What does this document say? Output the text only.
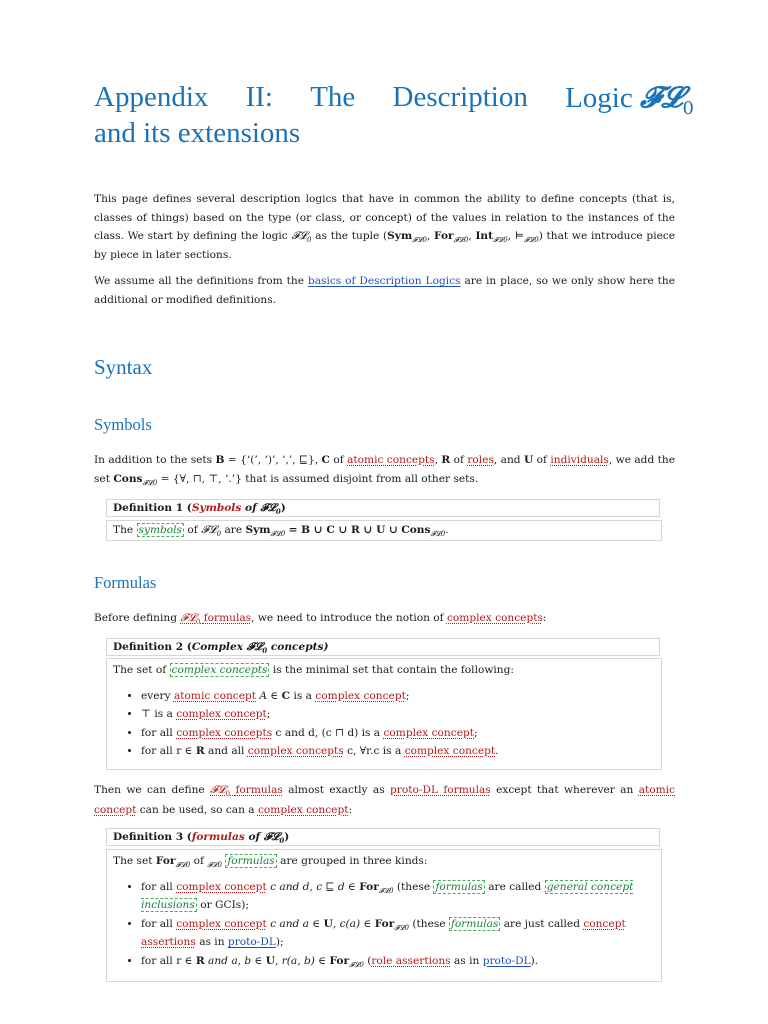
Appendix II: The Description Logic 𝓕𝓛$_0$
and its extensions

This page defines several description logics that have in common the ability to define concepts (that is, classes of things) based on the type (or class, or concept) of the values in relation to the instances of the class. We start by defining the logic 𝓕𝓛$_0$ as the tuple (Sym$_{𝓕𝓛0}$, For$_{𝓕𝓛0}$, Int$_{𝓕𝓛0}$, $⊨_{𝓕𝓛0}$) that we introduce piece by piece in later sections.

We assume all the definitions from the basics of Description Logics are in place, so we only show here the additional or modified definitions.

Syntax
Symbols

In addition to the sets B = {‘(’, ‘)’, ‘,’, ⊑}, C of atomic concepts, R of roles, and U of individuals, we add the set Cons$_{𝓕𝓛0}$ = {∀, ⊓, ⊤, ‘.’} that is assumed disjoint from all other sets.

Definition 1 (Symbols of 𝓕𝓛$_0$)
The symbols of 𝓕𝓛$_0$ are Sym$_{𝓕𝓛0}$ = B ∪ C ∪ R ∪ U ∪ Cons$_{𝓕𝓛0}$.
Formulas

Before defining 𝓕𝓛$_0$ formulas, we need to introduce the notion of complex concepts:

Definition 2 (Complex 𝓕𝓛$_0$ concepts)
The set of complex concepts is the minimal set that contain the following:
• every atomic concept A ∈ C is a complex concept;
• ⊤ is a complex concept;
• for all complex concepts c and d, (c ⊓ d) is a complex concept;
• for all r ∈ R and all complex concepts c, ∀r.c is a complex concept.

Then we can define 𝓕𝓛$_0$ formulas almost exactly as proto-DL formulas except that wherever an atomic concept can be used, so can a complex concept:

Definition 3 (formulas of 𝓕𝓛$_0$)
The set For$_{𝓕𝓛0}$ of $_{𝓕𝓛0}$ formulas are grouped in three kinds:
• for all complex concept c and d, c ⊑ d ∈ For$_{𝓕𝓛0}$ (these formulas are called general concept inclusions or GCIs);
• for all complex concept c and a ∈ U, c(a) ∈ For$_{𝓕𝓛0}$ (these formulas are just called concept assertions as in proto-DL);
• for all r ∈ R and a, b ∈ U, r(a, b) ∈ For$_{𝓕𝓛0}$ (role assertions as in proto-DL).
